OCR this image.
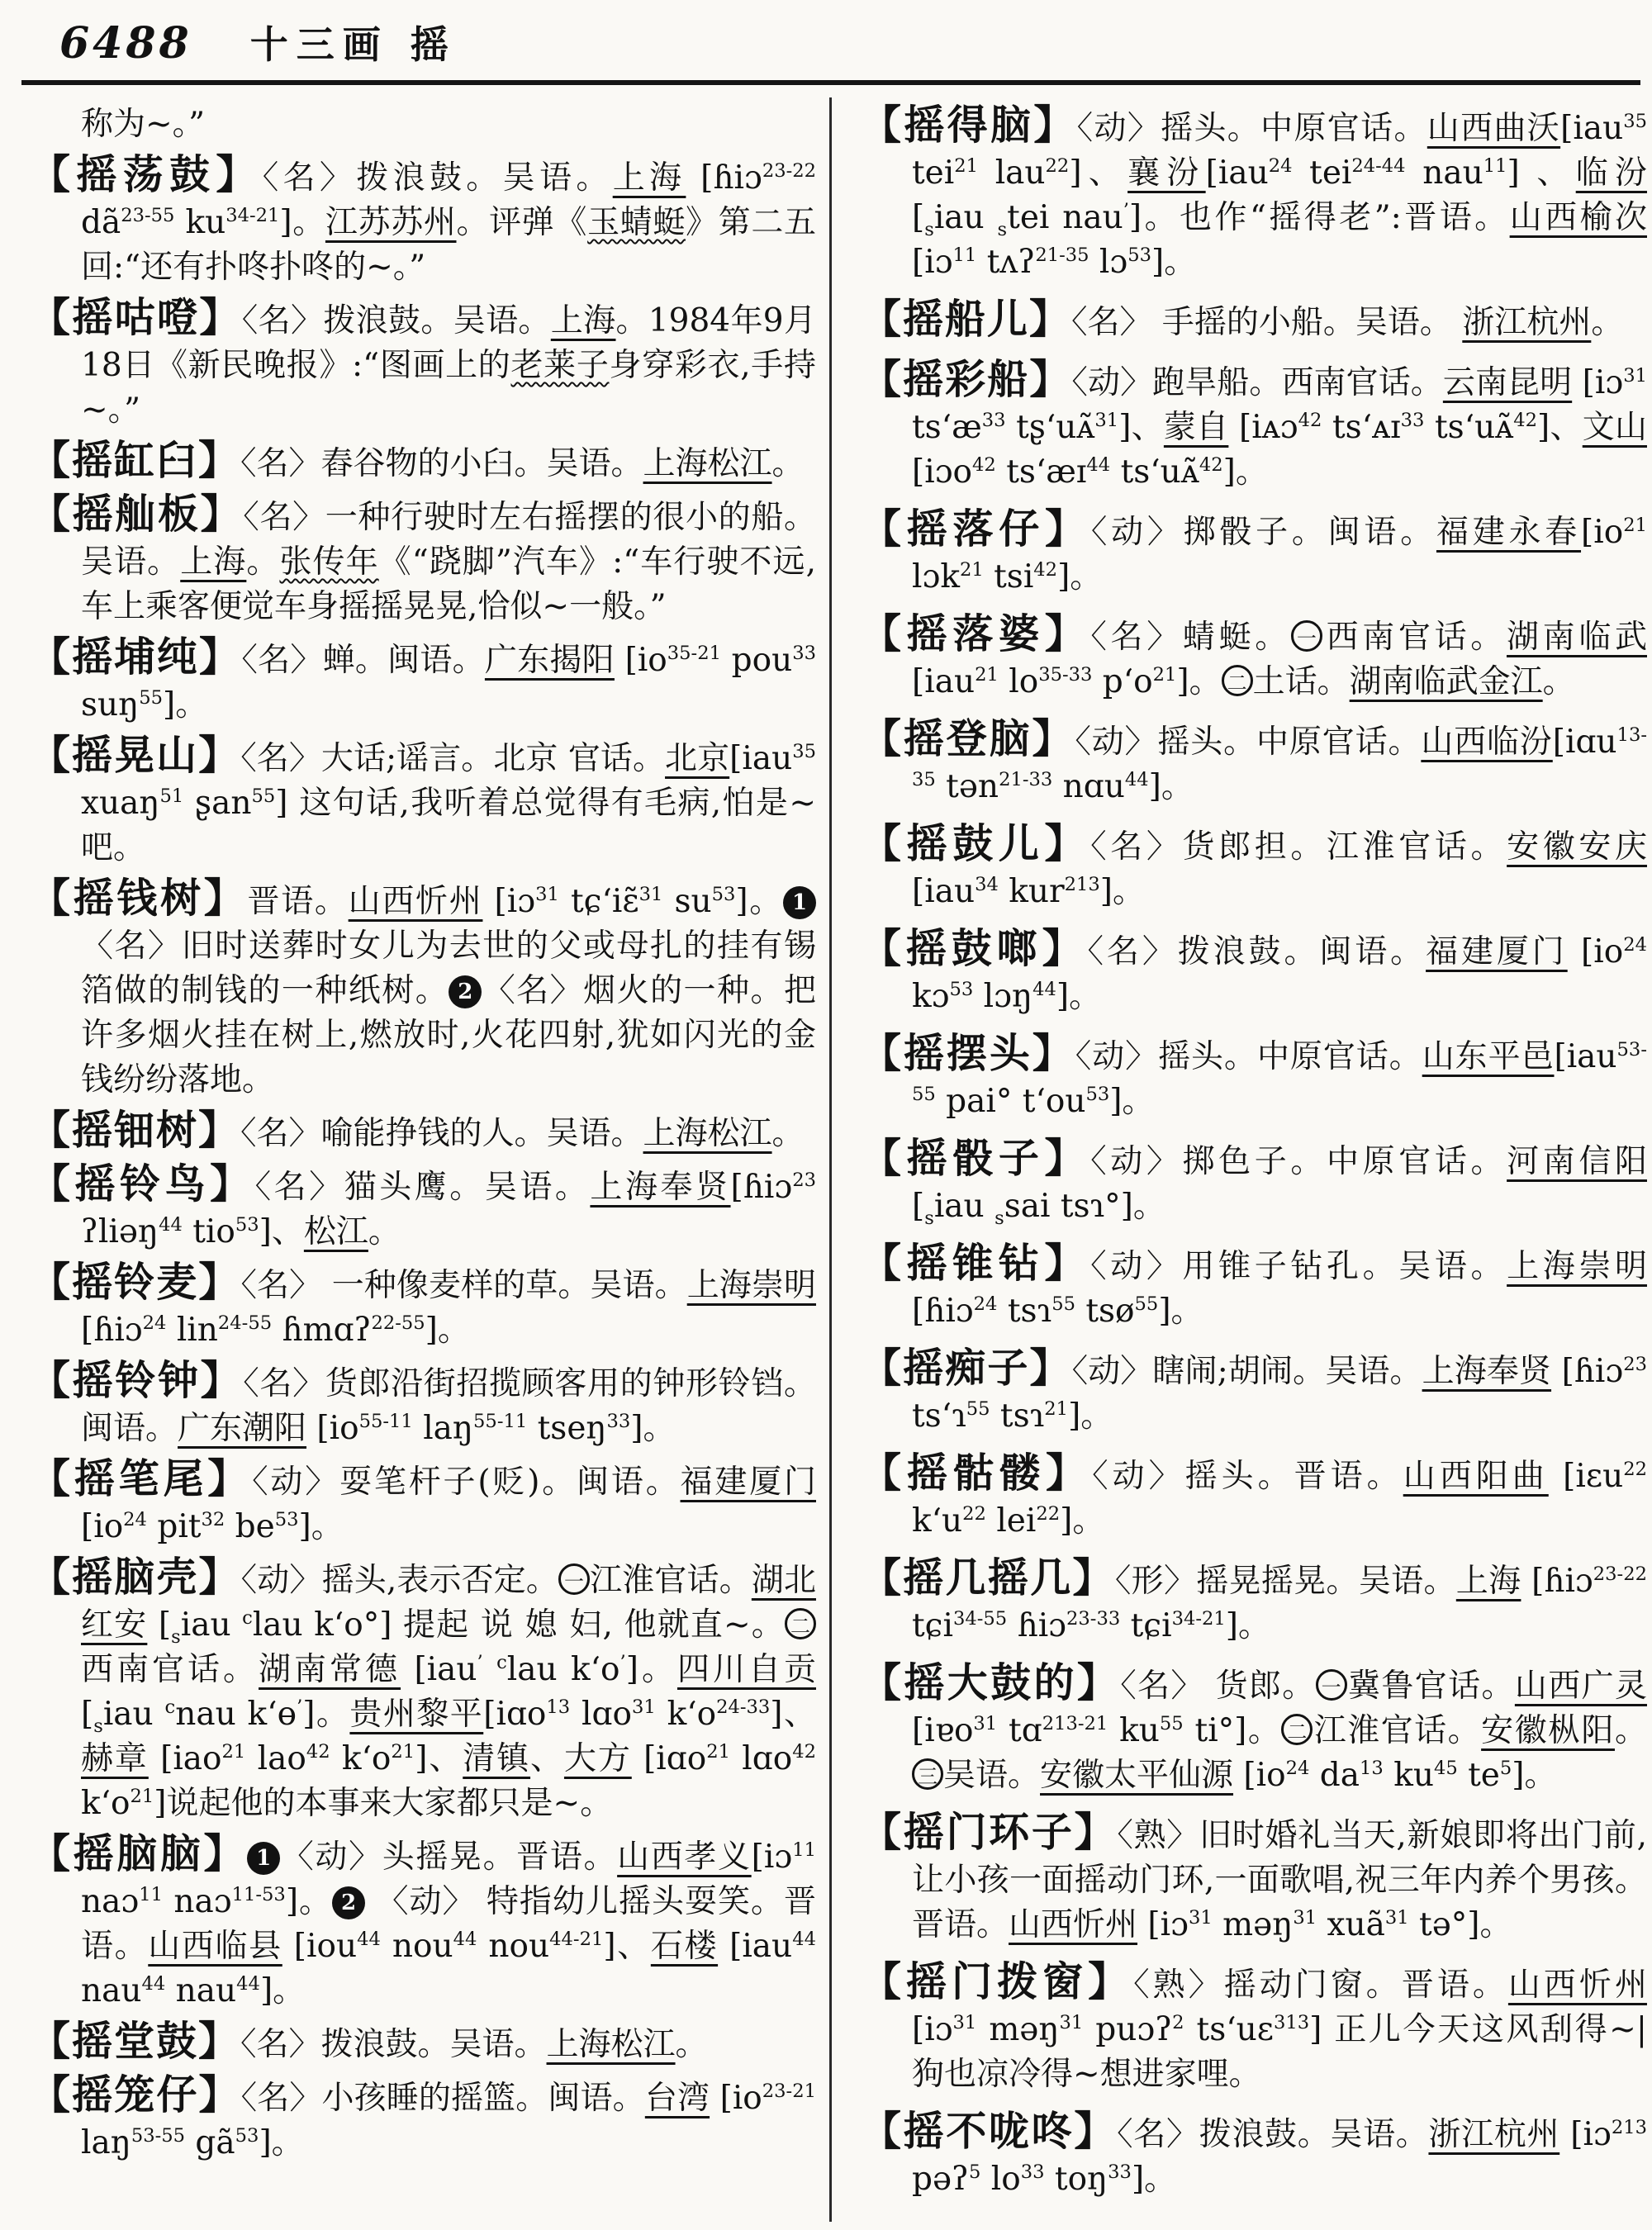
6488 十三画 摇

称为~。”

【摇荡鼓】〈名〉拨浪鼓。吴语。上海 [ɦiɔ$^{23-22}$ $dã^{23-55}$ $ku^{34-21}$]。江苏苏州。评弹《玉蜻蜓》第二五回:“还有扑咚扑咚的~。”

【摇咕噔】〈名〉拨浪鼓。吴语。上海。1984年9月18日《新民晚报》:“图画上的老莱子身穿彩衣,手持~。”

【摇缸臼】〈名〉舂谷物的小臼。吴语。上海松江。

【摇舢板】〈名〉一种行驶时左右摇摆的很小的船。吴语。上海。张传年《“跷脚”汽车》:“车行驶不远,车上乘客便觉车身摇摇晃晃,恰似~一般。”

【摇埔纯】〈名〉蝉。闽语。广东揭阳 [$io^{35-21}$ pou$^{33}$ suŋ$^{55}$]。

【摇晃山】〈名〉大话;谣言。北京 官话。北京[iau$^{35}$ xuaŋ$^{51}$ ʂan$^{55}$] 这句话,我听着总觉得有毛病,怕是~吧。

【摇钱树】晋语。山西忻州 [iɔ$^{31}$ tɕ‘iɛ̃$^{31}$ $su^{53}$]。 1〈名〉旧时送葬时女儿为去世的父或母扎的挂有锡箔做的制钱的一种纸树。 2 〈名〉烟火的一种。把许多烟火挂在树上,燃放时,火花四射,犹如闪光的金钱纷纷落地。

【摇钿树】〈名〉喻能挣钱的人。吴语。上海松江。

【摇铃鸟】〈名〉猫头鹰。吴语。上海奉贤[ɦiɔ$^{23}$ ʔliəŋ$^{44}$ tio$^{53}$]、松江。

【摇铃麦】〈名〉 一种像麦样的草。吴语。上海崇明 [ɦiɔ$^{24}$ lin$^{24-55}$ ɦmɑʔ$^{22-55}$]。

【摇铃钟】〈名〉货郎沿街招揽顾客用的钟形铃铛。闽语。广东潮阳 [$io^{55-11}$ laŋ$^{55-11}$ tseŋ$^{33}$]。

【摇笔尾】〈动〉耍笔杆子(贬)。闽语。福建厦门[$io^{24}$ pit$^{32}$ $be^{53}$]。

【摇脑壳】〈动〉摇头,表示否定。 一 江淮官话。湖北红安 [$_siau$ $^c$lau k‘o°] 提起 说 媳 妇, 他就直~。 二西南官话。湖南常德 [iau’ $^c$lau k‘o’]。四川自贡 [$_siau$ $^c$nau k‘ɵ’]。贵州黎平[iɑo$^{13}$ lɑo$^{31}$ $k‘o^{24-33}$]、赫章 [iao$^{21}$ lao$^{42}$ $k‘o^{21}$]、清镇、大方 [iɑo$^{21}$ lɑo$^{42}$ $k‘o^{21}$]说起他的本事来大家都只是~。

【摇脑脑】 1 〈动〉头摇晃。晋语。山西孝义[iɔ$^{11}$ naɔ$^{11}$ naɔ$^{11-53}$]。 2 〈动〉 特指幼儿摇头耍笑。晋语。山西临县 [iou$^{44}$ nou$^{44}$ nou$^{44-21}$]、石楼 [iau$^{44}$ nau$^{44}$ nau$^{44}$]。

【摇堂鼓】〈名〉拨浪鼓。吴语。上海松江。

【摇笼仔】〈名〉小孩睡的摇篮。闽语。台湾 [$io^{23-21}$ laŋ$^{53-55}$ $gã^{53}$]。

【摇得脑】〈动〉摇头。中原官话。山西曲沃[iau$^{35}$ tei$^{21}$ lau$^{22}$]、襄汾[iau$^{24}$ tei$^{24-44}$ nau$^{11}$] 、临汾 [$_siau$ $_s$tei nau’]。也作“摇得老”:晋语。山西榆次 [iɔ$^{11}$ tʌʔ$^{21-35}$ lɔ$^{53}$]。

【摇船儿】〈名〉 手摇的小船。吴语。 浙江杭州。

【摇彩船】〈动〉跑旱船。西南官话。云南昆明 [iɔ$^{31}$ $ts‘æ^{33}$ tʂ‘uᴀ̃$^{31}$]、蒙自 [iᴀɔ$^{42}$ ts‘ᴀɪ$^{33}$ ts‘uᴀ̃$^{42}$]、文山 [iɔo$^{42}$ ts‘æɪ$^{44}$ ts‘uᴀ̃$^{42}$]。

【摇落仔】〈动〉掷骰子。闽语。福建永春[$io^{21}$ lɔk$^{21}$ tsi$^{42}$]。

【摇落婆】〈名〉蜻蜓。 一 西南官话。湖南临武 [iau$^{21}$ $lo^{35-33}$ $p‘o^{21}$]。 二 土话。湖南临武金江。

【摇登脑】〈动〉摇头。中原官话。山西临汾[iɑu$^{13-35}$ tən$^{21-33}$ nɑu$^{44}$]。

【摇鼓儿】〈名〉货郎担。江淮官话。安徽安庆 [iau$^{34}$ kur$^{213}$]。

【摇鼓啷】〈名〉拨浪鼓。闽语。福建厦门 [$io^{24}$ kɔ$^{53}$ lɔŋ$^{44}$]。

【摇摆头】〈动〉摇头。中原官话。山东平邑[iau$^{53-55}$ pai° $t‘ou^{53}$]。

【摇骰子】〈动〉掷色子。中原官话。河南信阳 [$_siau$ $_s$sai tsɿ°]。

【摇锥钻】〈动〉用锥子钻孔。吴语。上海崇明 [ɦiɔ$^{24}$ tsɿ$^{55}$ tsø$^{55}$]。

【摇痴子】〈动〉瞎闹;胡闹。吴语。上海奉贤 [ɦiɔ$^{23}$ ts‘ɿ$^{55}$ tsɿ$^{21}$]。

【摇骷髅】〈动〉摇头。晋语。山西阳曲 [iɛu$^{22}$ $k‘u^{22}$ lei$^{22}$]。

【摇几摇几】〈形〉摇晃摇晃。吴语。上海 [ɦiɔ$^{23-22}$ tɕi$^{34-55}$ ɦiɔ$^{23-33}$ tɕi$^{34-21}$]。

【摇大鼓的】〈名〉 货郎。 一 冀鲁官话。山西广灵 [iɐo$^{31}$ tɑ$^{213-21}$ $ku^{55}$ ti°]。 二 江淮官话。安徽枞阳。三 吴语。安徽太平仙源 [$io^{24}$ $da^{13}$ $ku^{45}$ $te^5$]。

【摇门环子】〈熟〉旧时婚礼当天,新娘即将出门前,让小孩一面摇动门环,一面歌唱,祝三年内养个男孩。晋语。山西忻州 [iɔ$^{31}$ məŋ$^{31}$ xuã$^{31}$ tə°]。

【摇门拨窗】〈熟〉摇动门窗。晋语。山西忻州 [iɔ$^{31}$ məŋ$^{31}$ puɔʔ$^2$ ts‘uɛ$^{313}$] 正儿今天这风刮得~|狗也凉冷得~想进家哩。

【摇不咙咚】〈名〉拨浪鼓。吴语。浙江杭州 [iɔ$^{213}$ pəʔ$^5$ $lo^{33}$ toŋ$^{33}$]。
